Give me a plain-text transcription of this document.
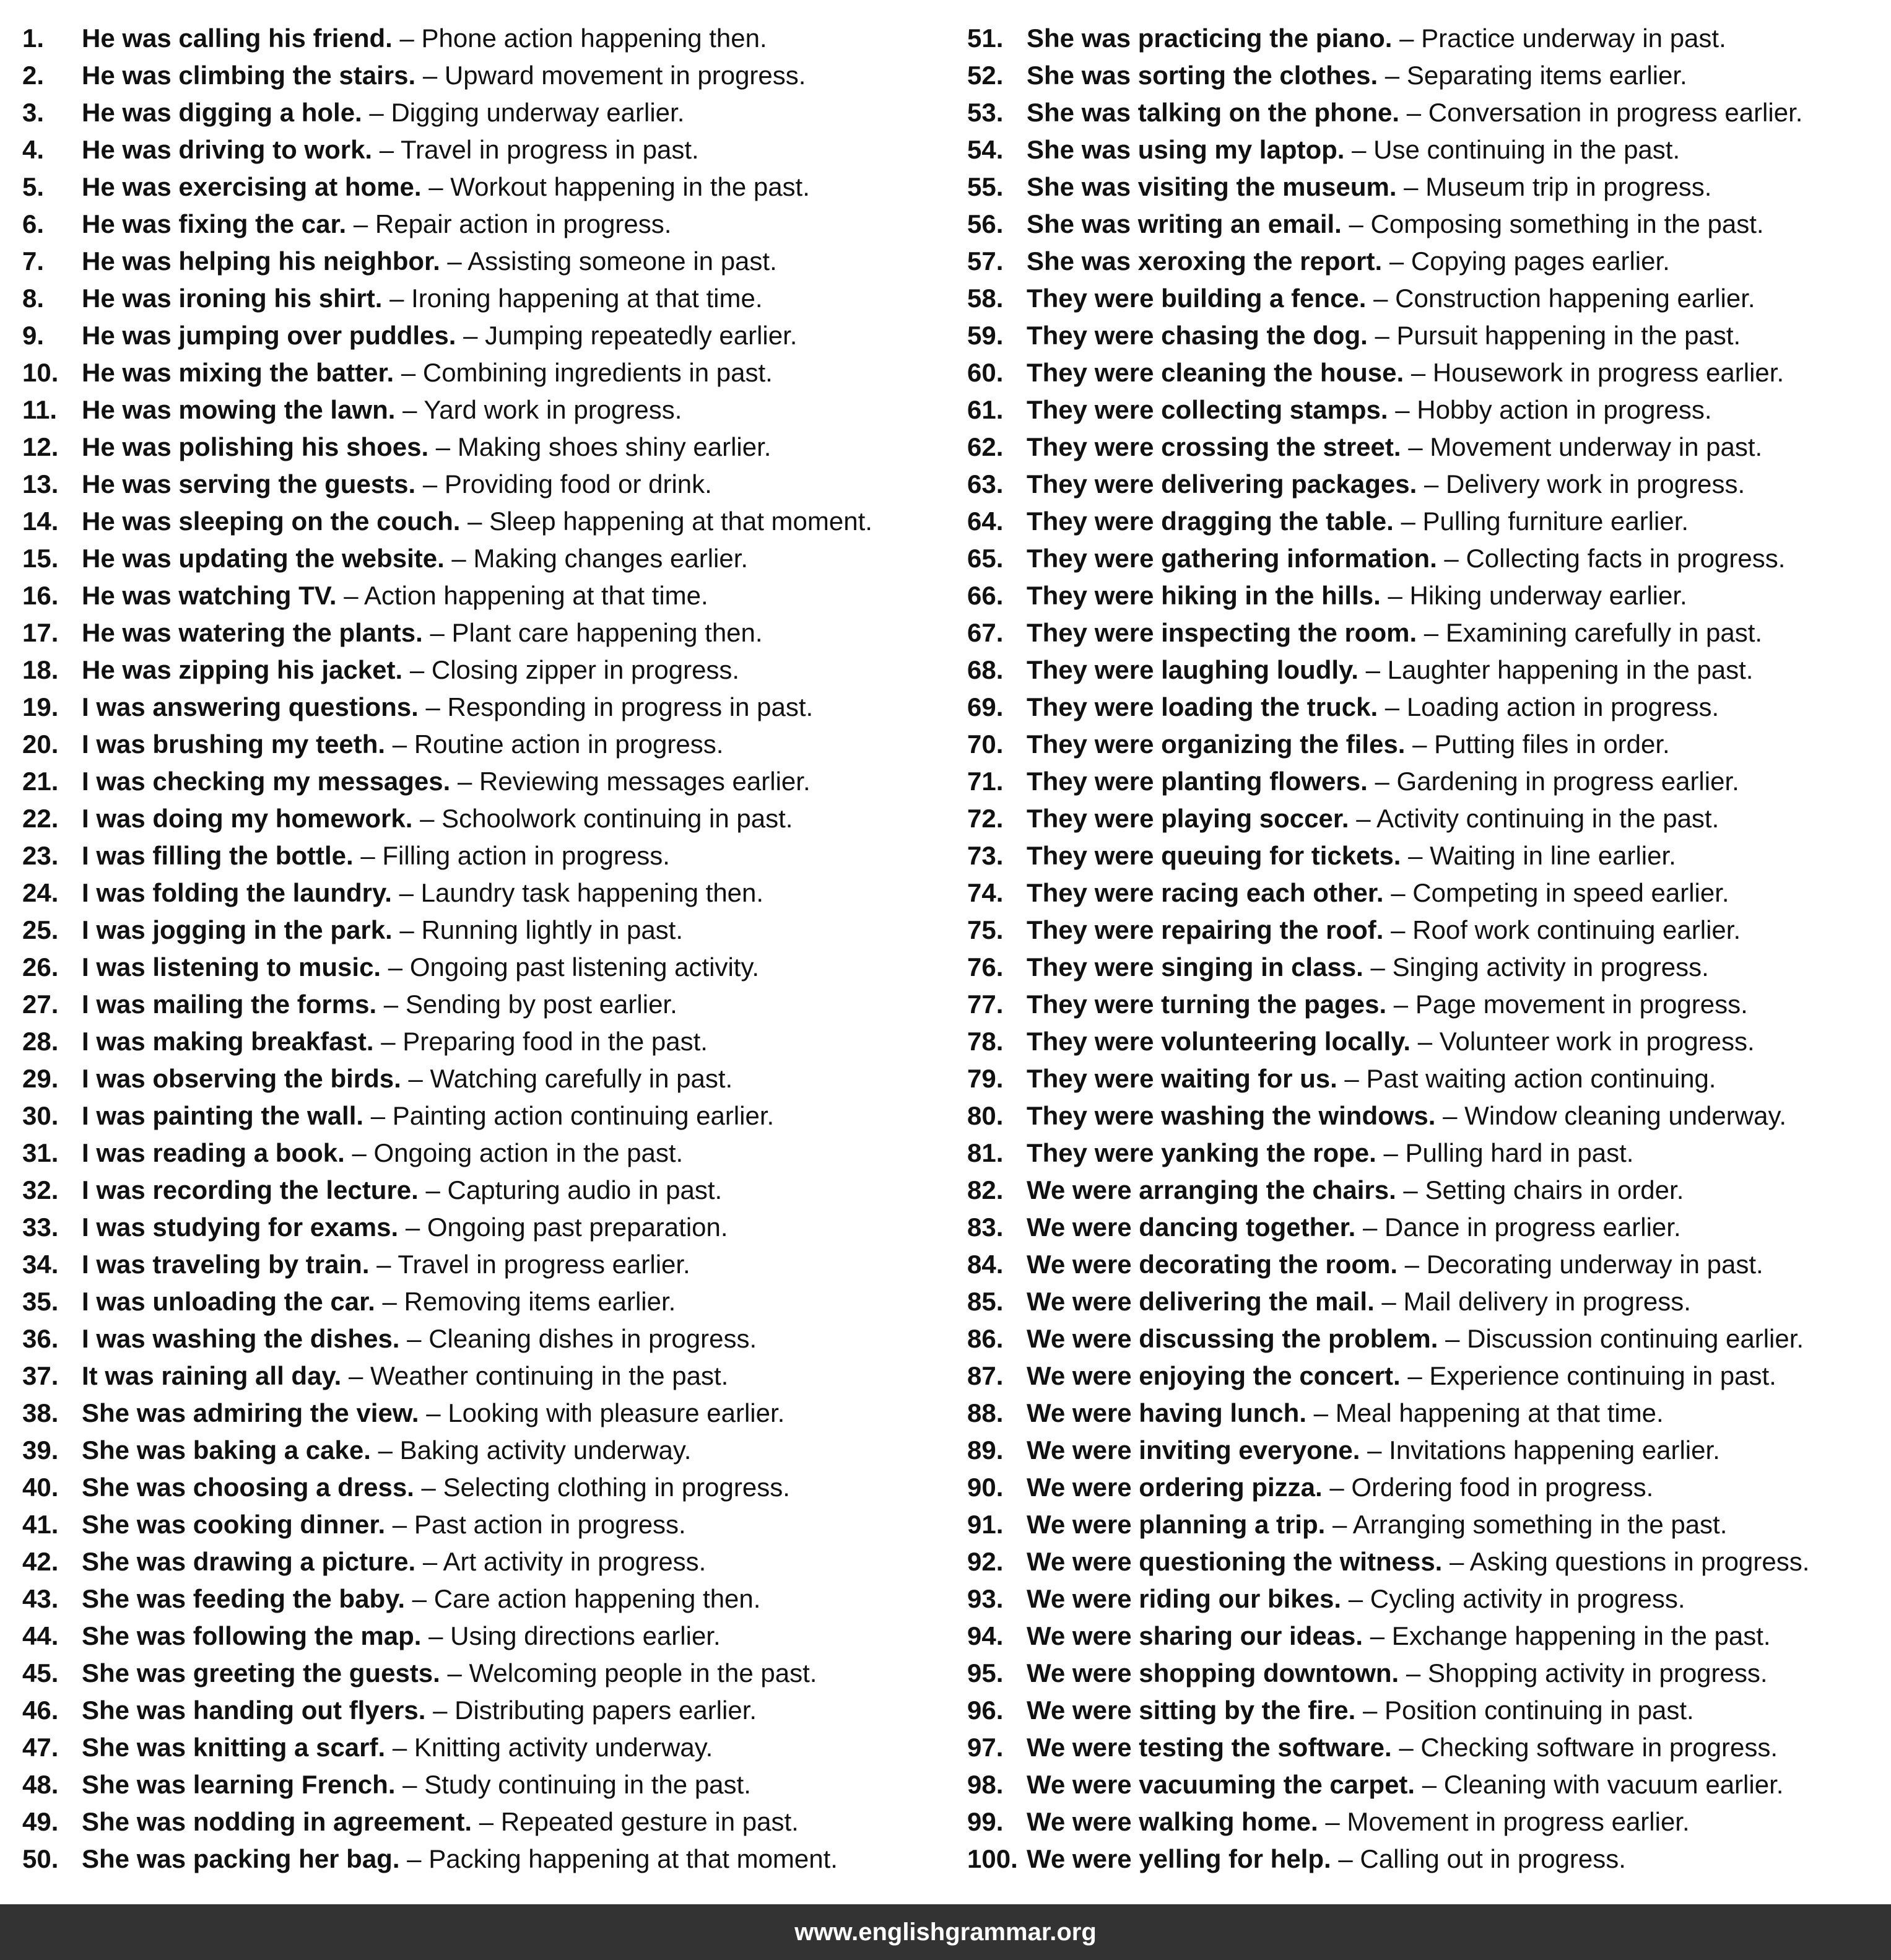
1. He was calling his friend. – Phone action happening then.
2. He was climbing the stairs. – Upward movement in progress.
3. He was digging a hole. – Digging underway earlier.
4. He was driving to work. – Travel in progress in past.
5. He was exercising at home. – Workout happening in the past.
6. He was fixing the car. – Repair action in progress.
7. He was helping his neighbor. – Assisting someone in past.
8. He was ironing his shirt. – Ironing happening at that time.
9. He was jumping over puddles. – Jumping repeatedly earlier.
10. He was mixing the batter. – Combining ingredients in past.
11. He was mowing the lawn. – Yard work in progress.
12. He was polishing his shoes. – Making shoes shiny earlier.
13. He was serving the guests. – Providing food or drink.
14. He was sleeping on the couch. – Sleep happening at that moment.
15. He was updating the website. – Making changes earlier.
16. He was watching TV. – Action happening at that time.
17. He was watering the plants. – Plant care happening then.
18. He was zipping his jacket. – Closing zipper in progress.
19. I was answering questions. – Responding in progress in past.
20. I was brushing my teeth. – Routine action in progress.
21. I was checking my messages. – Reviewing messages earlier.
22. I was doing my homework. – Schoolwork continuing in past.
23. I was filling the bottle. – Filling action in progress.
24. I was folding the laundry. – Laundry task happening then.
25. I was jogging in the park. – Running lightly in past.
26. I was listening to music. – Ongoing past listening activity.
27. I was mailing the forms. – Sending by post earlier.
28. I was making breakfast. – Preparing food in the past.
29. I was observing the birds. – Watching carefully in past.
30. I was painting the wall. – Painting action continuing earlier.
31. I was reading a book. – Ongoing action in the past.
32. I was recording the lecture. – Capturing audio in past.
33. I was studying for exams. – Ongoing past preparation.
34. I was traveling by train. – Travel in progress earlier.
35. I was unloading the car. – Removing items earlier.
36. I was washing the dishes. – Cleaning dishes in progress.
37. It was raining all day. – Weather continuing in the past.
38. She was admiring the view. – Looking with pleasure earlier.
39. She was baking a cake. – Baking activity underway.
40. She was choosing a dress. – Selecting clothing in progress.
41. She was cooking dinner. – Past action in progress.
42. She was drawing a picture. – Art activity in progress.
43. She was feeding the baby. – Care action happening then.
44. She was following the map. – Using directions earlier.
45. She was greeting the guests. – Welcoming people in the past.
46. She was handing out flyers. – Distributing papers earlier.
47. She was knitting a scarf. – Knitting activity underway.
48. She was learning French. – Study continuing in the past.
49. She was nodding in agreement. – Repeated gesture in past.
50. She was packing her bag. – Packing happening at that moment.
51. She was practicing the piano. – Practice underway in past.
52. She was sorting the clothes. – Separating items earlier.
53. She was talking on the phone. – Conversation in progress earlier.
54. She was using my laptop. – Use continuing in the past.
55. She was visiting the museum. – Museum trip in progress.
56. She was writing an email. – Composing something in the past.
57. She was xeroxing the report. – Copying pages earlier.
58. They were building a fence. – Construction happening earlier.
59. They were chasing the dog. – Pursuit happening in the past.
60. They were cleaning the house. – Housework in progress earlier.
61. They were collecting stamps. – Hobby action in progress.
62. They were crossing the street. – Movement underway in past.
63. They were delivering packages. – Delivery work in progress.
64. They were dragging the table. – Pulling furniture earlier.
65. They were gathering information. – Collecting facts in progress.
66. They were hiking in the hills. – Hiking underway earlier.
67. They were inspecting the room. – Examining carefully in past.
68. They were laughing loudly. – Laughter happening in the past.
69. They were loading the truck. – Loading action in progress.
70. They were organizing the files. – Putting files in order.
71. They were planting flowers. – Gardening in progress earlier.
72. They were playing soccer. – Activity continuing in the past.
73. They were queuing for tickets. – Waiting in line earlier.
74. They were racing each other. – Competing in speed earlier.
75. They were repairing the roof. – Roof work continuing earlier.
76. They were singing in class. – Singing activity in progress.
77. They were turning the pages. – Page movement in progress.
78. They were volunteering locally. – Volunteer work in progress.
79. They were waiting for us. – Past waiting action continuing.
80. They were washing the windows. – Window cleaning underway.
81. They were yanking the rope. – Pulling hard in past.
82. We were arranging the chairs. – Setting chairs in order.
83. We were dancing together. – Dance in progress earlier.
84. We were decorating the room. – Decorating underway in past.
85. We were delivering the mail. – Mail delivery in progress.
86. We were discussing the problem. – Discussion continuing earlier.
87. We were enjoying the concert. – Experience continuing in past.
88. We were having lunch. – Meal happening at that time.
89. We were inviting everyone. – Invitations happening earlier.
90. We were ordering pizza. – Ordering food in progress.
91. We were planning a trip. – Arranging something in the past.
92. We were questioning the witness. – Asking questions in progress.
93. We were riding our bikes. – Cycling activity in progress.
94. We were sharing our ideas. – Exchange happening in the past.
95. We were shopping downtown. – Shopping activity in progress.
96. We were sitting by the fire. – Position continuing in past.
97. We were testing the software. – Checking software in progress.
98. We were vacuuming the carpet. – Cleaning with vacuum earlier.
99. We were walking home. – Movement in progress earlier.
100. We were yelling for help. – Calling out in progress.
www.englishgrammar.org
